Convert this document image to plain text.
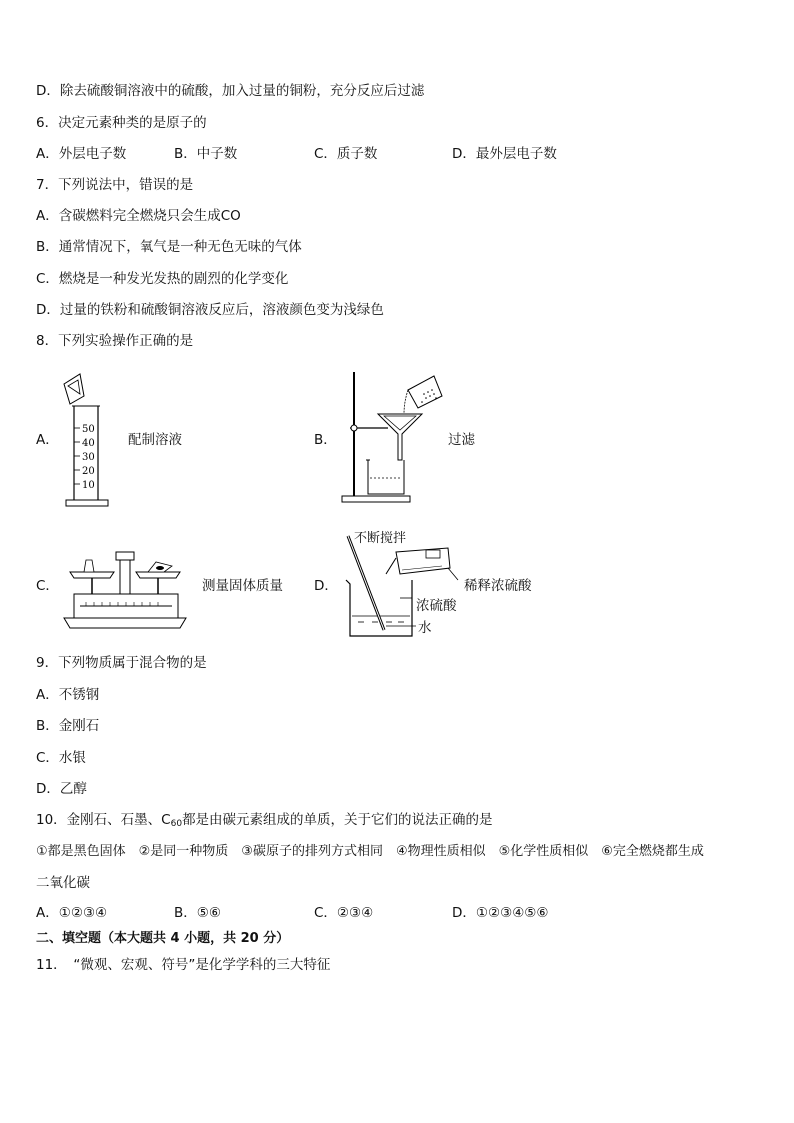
D．除去硫酸铜溶液中的硫酸，加入过量的铜粉，充分反应后过滤
6．决定元素种类的是原子的
A．外层电子数	B．中子数	C．质子数	D．最外层电子数
7．下列说法中，错误的是
A．含碳燃料完全燃烧只会生成CO
B．通常情况下，氧气是一种无色无味的气体
C．燃烧是一种发光发热的剧烈的化学变化
D．过量的铁粉和硫酸铜溶液反应后，溶液颜色变为浅绿色
8．下列实验操作正确的是
A．
50
40
30
20
10
配制溶液	B．	过滤
C．	测量固体质量 D．
不断搅拌
稀释浓硫酸
浓硫酸
水
9．下列物质属于混合物的是
A．不锈钢
B．金刚石
C．水银
D．乙醇
10．金刚石、石墨、$C_{60}$都是由碳元素组成的单质，关于它们的说法正确的是
①都是黑色固体　②是同一种物质　③碳原子的排列方式相同　④物理性质相似　⑤化学性质相似　⑥完全燃烧都生成
二氧化碳
A．①②③④	B．⑤⑥	C．②③④	D．①②③④⑤⑥
二、填空题（本大题共 4 小题，共 20 分）
11．　“微观、宏观、符号”是化学学科的三大特征
